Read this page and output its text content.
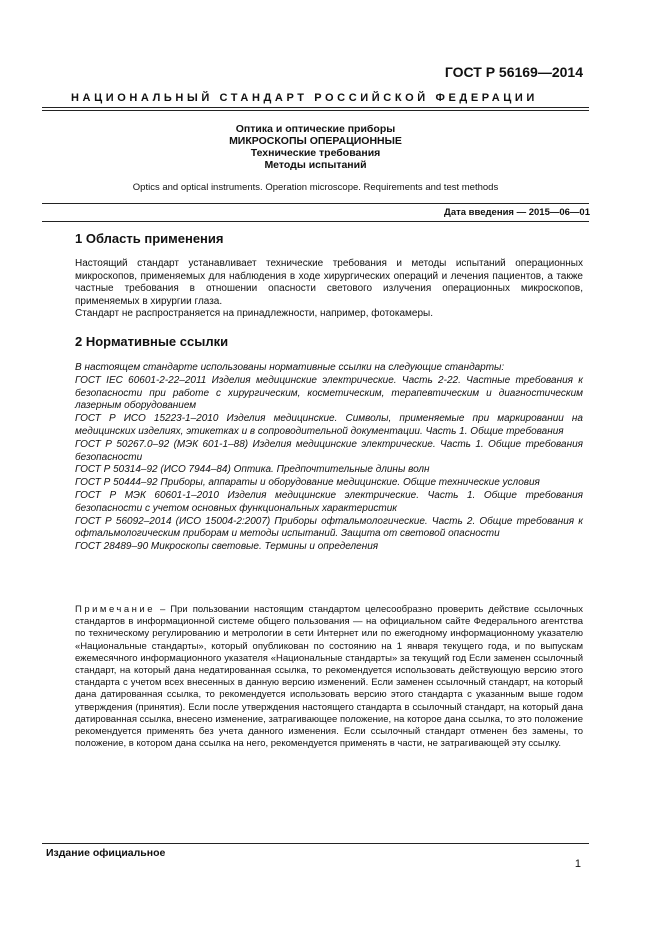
ГОСТ Р 56169—2014
НАЦИОНАЛЬНЫЙ СТАНДАРТ РОССИЙСКОЙ ФЕДЕРАЦИИ
Оптика и оптические приборы
МИКРОСКОПЫ ОПЕРАЦИОННЫЕ
Технические требования
Методы испытаний
Optics and optical instruments. Operation microscope. Requirements and test methods
Дата введения — 2015—06—01
1 Область применения

Настоящий стандарт устанавливает технические требования и методы испытаний операционных микроскопов, применяемых для наблюдения в ходе хирургических операций и лечения пациентов, а также частные требования в отношении опасности светового излучения операционных микроскопов, применяемых в хирургии глаза.

Стандарт не распространяется на принадлежности, например, фотокамеры.

2 Нормативные ссылки

В настоящем стандарте использованы нормативные ссылки на следующие стандарты:

ГОСТ IEC 60601-2-22–2011 Изделия медицинские электрические. Часть 2-22. Частные требования к безопасности при работе с хирургическим, косметическим, терапевтическим и диагностическим лазерным оборудованием

ГОСТ Р ИСО 15223-1–2010 Изделия медицинские. Символы, применяемые при маркировании на медицинских изделиях, этикетках и в сопроводительной документации. Часть 1. Общие требования

ГОСТ Р 50267.0–92 (МЭК 601-1–88) Изделия медицинские электрические. Часть 1. Общие требования безопасности

ГОСТ Р 50314–92 (ИСО 7944–84) Оптика. Предпочтительные длины волн

ГОСТ Р 50444–92 Приборы, аппараты и оборудование медицинские. Общие технические условия

ГОСТ Р МЭК 60601-1–2010 Изделия медицинские электрические. Часть 1. Общие требования безопасности с учетом основных функциональных характеристик

ГОСТ Р 56092–2014 (ИСО 15004-2:2007) Приборы офтальмологические. Часть 2. Общие требования к офтальмологическим приборам и методы испытаний. Защита от световой опасности

ГОСТ 28489–90 Микроскопы световые. Термины и определения

Примечание – При пользовании настоящим стандартом целесообразно проверить действие ссылочных стандартов в информационной системе общего пользования — на официальном сайте Федерального агентства по техническому регулированию и метрологии в сети Интернет или по ежегодному информационному указателю «Национальные стандарты», который опубликован по состоянию на 1 января текущего года, и по выпускам ежемесячного информационного указателя «Национальные стандарты» за текущий год Если заменен ссылочный стандарт, на который дана недатированная ссылка, то рекомендуется использовать действующую версию этого стандарта с учетом всех внесенных в данную версию изменений. Если заменен ссылочный стандарт, на который дана датированная ссылка, то рекомендуется использовать версию этого стандарта с указанным выше годом утверждения (принятия). Если после утверждения настоящего стандарта в ссылочный стандарт, на который дана датированная ссылка, внесено изменение, затрагивающее положение, на которое дана ссылка, то это положение рекомендуется применять без учета данного изменения. Если ссылочный стандарт отменен без замены, то положение, в котором дана ссылка на него, рекомендуется применять в части, не затрагивающей эту ссылку.
Издание официальное
1
